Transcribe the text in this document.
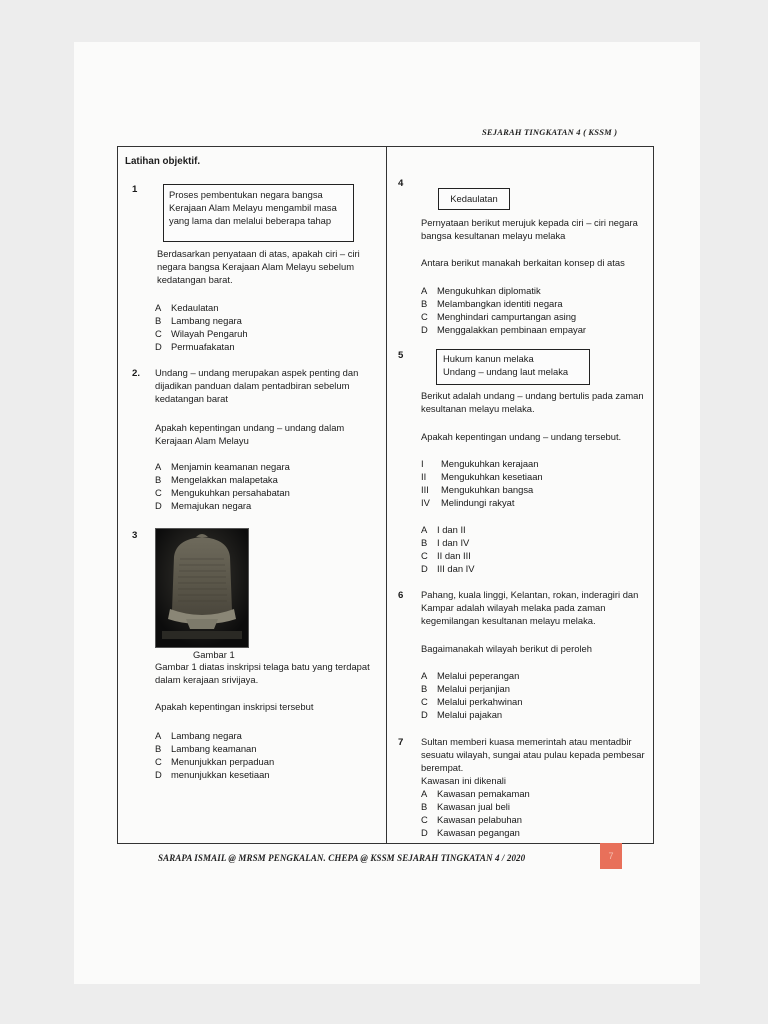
SEJARAH TINGKATAN 4 ( KSSM )
Latihan objektif.
1	Proses pembentukan negara bangsa
Kerajaan Alam Melayu mengambil masa
yang lama dan melalui beberapa tahap
Berdasarkan penyataan di atas, apakah ciri – ciri
negara bangsa Kerajaan Alam Melayu sebelum
kedatangan barat.
A Kedaulatan
B Lambang negara
C Wilayah Pengaruh
D Permuafakatan
2. Undang – undang merupakan aspek penting dan
dijadikan panduan dalam pentadbiran sebelum
kedatangan barat
Apakah kepentingan undang – undang dalam
Kerajaan Alam Melayu
A Menjamin keamanan negara
B Mengelakkan malapetaka
C Mengukuhkan persahabatan
D Memajukan negara
3
Gambar 1
Gambar 1 diatas inskripsi telaga batu yang terdapat
dalam kerajaan srivijaya.
Apakah kepentingan inskripsi tersebut
A Lambang negara
B Lambang keamanan
C Menunjukkan perpaduan
D menunjukkan kesetiaan
4
Kedaulatan
Pernyataan berikut merujuk kepada ciri – ciri negara
bangsa kesultanan melayu melaka
Antara berikut manakah berkaitan konsep di atas
A Mengukuhkan diplomatik
B Melambangkan identiti negara
C Menghindari campurtangan asing
D Menggalakkan pembinaan empayar
5	Hukum kanun melaka
Undang – undang laut melaka
Berikut adalah undang – undang bertulis pada zaman
kesultanan melayu melaka.
Apakah kepentingan undang – undang tersebut.
I Mengukuhkan kerajaan
II Mengukuhkan kesetiaan
III Mengukuhkan bangsa
IV Melindungi rakyat
A I dan II
B I dan IV
C II dan III
D III dan IV
6 Pahang, kuala linggi, Kelantan, rokan, inderagiri dan
Kampar adalah wilayah melaka pada zaman
kegemilangan kesultanan melayu melaka.
Bagaimanakah wilayah berikut di peroleh
A Melalui peperangan
B Melalui perjanjian
C Melalui perkahwinan
D Melalui pajakan
7 Sultan memberi kuasa memerintah atau mentadbir
sesuatu wilayah, sungai atau pulau kepada pembesar
berempat.
Kawasan ini dikenali
A Kawasan pemakaman
B Kawasan jual beli
C Kawasan pelabuhan
D Kawasan pegangan
SARAPA ISMAIL @ MRSM PENGKALAN. CHEPA @ KSSM SEJARAH TINGKATAN 4 / 2020	7
